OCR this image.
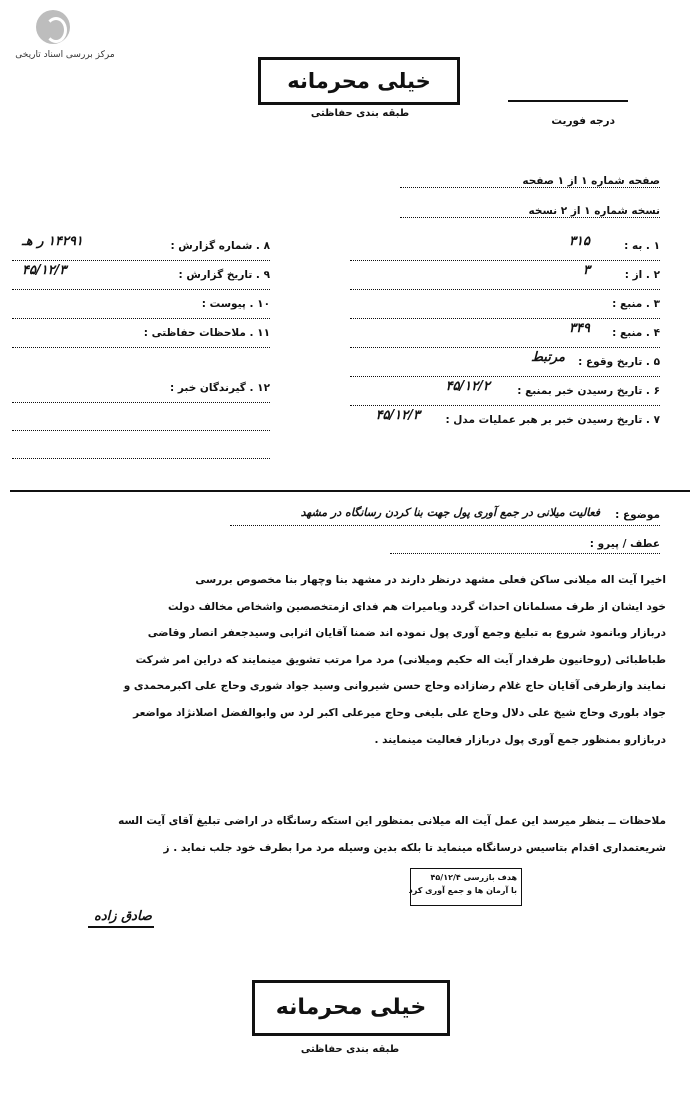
مرکز بررسی اسناد تاریخی
خیلی محرمانه
طبقه بندی حفاظتی
درجه فوریت
صفحه شماره ۱ از ۱ صفحه
نسخه شماره ۱ از ۲ نسخه
۱ . به :
۳۱۵
۲ . از :
۳
۳ . منبع :
۴ . منبع :
۳۴۹
۵ . تاریخ وقوع :
مرتبط
۶ . تاریخ رسیدن خبر بمنبع :
۴۵/۱۲/۲
۷ . تاریخ رسیدن خبر بر هبر عملیات مدل :
۴۵/۱۲/۳
۸ . شماره گزارش :
۱۴۲۹۱ ر هـ
۹ . تاریخ گزارش :
۴۵/۱۲/۳
۱۰ . پیوست :
۱۱ . ملاحظات حفاظتی :
۱۲ . گیرندگان خبر :
موضوع :
فعالیت میلانی در جمع آوری پول جهت بنا کردن رسانگاه در مشهد
عطف / پیرو :
اخیرا آیت اله میلانی ساکن فعلی مشهد درنظر دارند در مشهد بنا وچهار بنا مخصوص بررسی
خود ایشان از طرف مسلمانان احداث گردد وبامیرات هم فدای ازمتخصصین واشخاص مخالف دولت
دربازار وبانمود شروع به تبلیغ وجمع آوری پول نموده اند ضمنا آقایان اثرابی وسیدجعفر انصار وقاضی
طباطبائی (روحانیون طرفدار آیت اله حکیم ومیلانی) مرد مرا مرتب تشویق مینمایند که دراین امر شرکت
نمایند وازطرفی آقایان حاج غلام رضازاده وحاج حسن شیروانی وسید جواد شوری وحاج علی اکبرمحمدی و
جواد بلوری وحاج شیخ علی دلال وحاج علی بلیغی وحاج میرعلی اکبر لرد س وابوالفضل اصلانژاد مواضعر
دربازارو بمنظور جمع آوری پول دربازار فعالیت مینمایند .
ملاحظات ــ بنظر میرسد این عمل آیت اله میلانی بمنظور این استکه رسانگاه در اراضی تبلیغ آقای آیت السه
شریعتمداری اقدام بتاسیس درسانگاه مینماید تا بلکه بدین وسیله مرد مرا بطرف خود جلب نماید . ز
هدف بازرسی ۴۵/۱۲/۴
با آرمان ها و جمع آوری کرد
صادق زاده
خیلی محرمانه
طبقه بندی حفاظتی
